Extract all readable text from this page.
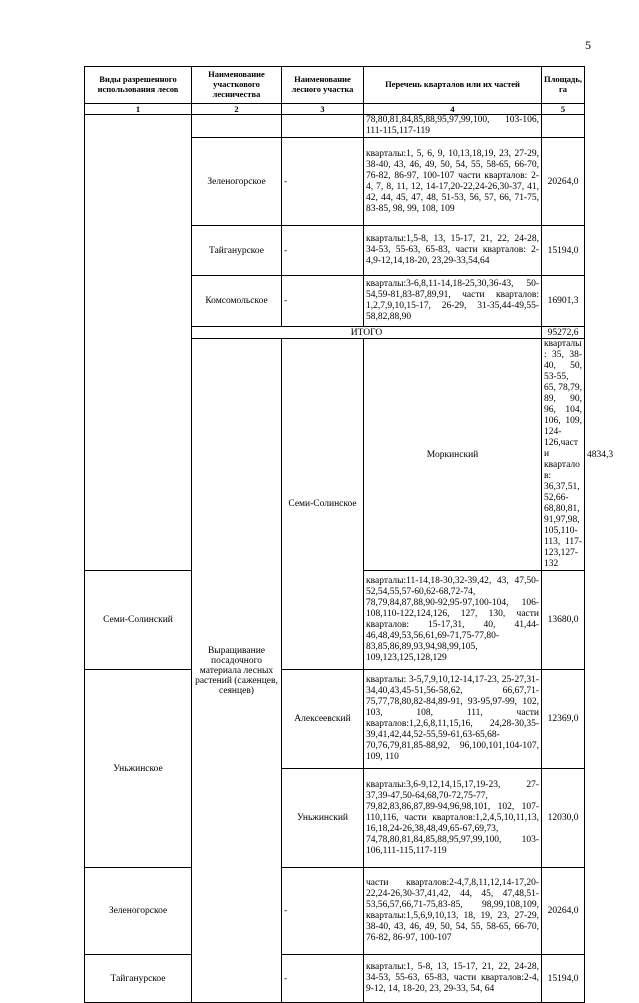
5
Виды разрешенного использования лесов	Наименование участкового лесничества	Наименование лесного участка	Перечень кварталов или их частей	Площадь, га	
1	2	3	4	5	
			78,80,81,84,85,88,95,97,99,100, 103-106, 111-115,117-119		
	Зеленогорское	-	кварталы:1, 5, 6, 9, 10,13,18,19, 23, 27-29, 38-40, 43, 46, 49, 50, 54, 55, 58-65, 66-70, 76-82, 86-97, 100-107 части кварталов: 2-4, 7, 8, 11, 12, 14-17,20-22,24-26,30-37, 41, 42, 44, 45, 47, 48, 51-53, 56, 57, 66, 71-75, 83-85, 98, 99, 108, 109	20264,0	
	Тайганурское	-	кварталы:1,5-8, 13, 15-17, 21, 22, 24-28, 34-53, 55-63, 65-83, части кварталов: 2-4,9-12,14,18-20, 23,29-33,54,64	15194,0	
	Комсомольское	-	кварталы:3-6,8,11-14,18-25,30,36-43, 50-54,59-81,83-87,89,91, части кварталов: 1,2,7,9,10,15-17, 26-29, 31-35,44-49,55-58,82,88,90	16901,3	
	ИТОГО			95272,6	
	Выращивание посадочного материала лесных растений (саженцев, сеянцев)	Семи-Солинское	Моркинский	кварталы: 35, 38-40, 50, 53-55, 65, 78,79, 89, 90, 96, 104, 106, 109, 124-126,части кварталов: 36,37,51,52,66-68,80,81,91,97,98,105,110-113, 117-123,127-132	4834,3
Семи-Солинский			кварталы:11-14,18-30,32-39,42, 43, 47,50-52,54,55,57-60,62-68,72-74, 78,79,84,87,88,90-92,95-97,100-104, 106-108,110-122,124,126, 127, 130, части кварталов: 15-17,31, 40, 41,44-46,48,49,53,56,61,69-71,75-77,80-83,85,86,89,93,94,98,99,105, 109,123,125,128,129	13680,0	
Уньжинское		Алексеевский	кварталы: 3-5,7,9,10,12-14,17-23, 25-27,31-34,40,43,45-51,56-58,62, 66,67,71-75,77,78,80,82-84,89-91, 93-95,97-99, 102, 103, 108, 111, части кварталов:1,2,6,8,11,15,16, 24,28-30,35-39,41,42,44,52-55,59-61,63-65,68-70,76,79,81,85-88,92, 96,100,101,104-107, 109, 110	12369,0	
		Уньжинский	кварталы:3,6-9,12,14,15,17,19-23, 27-37,39-47,50-64,68,70-72,75-77, 79,82,83,86,87,89-94,96,98,101, 102, 107-110,116, части кварталов:1,2,4,5,10,11,13, 16,18,24-26,38,48,49,65-67,69,73, 74,78,80,81,84,85,88,95,97,99,100, 103-106,111-115,117-119	12030,0	
Зеленогорское		-	части кварталов:2-4,7,8,11,12,14-17,20-22,24-26,30-37,41,42, 44, 45, 47,48,51-53,56,57,66,71-75,83-85, 98,99,108,109, кварталы:1,5,6,9,10,13, 18, 19, 23, 27-29, 38-40, 43, 46, 49, 50, 54, 55, 58-65, 66-70, 76-82, 86-97, 100-107	20264,0	
Тайганурское		-	кварталы:1, 5-8, 13, 15-17, 21, 22, 24-28, 34-53, 55-63, 65-83, части кварталов:2-4, 9-12, 14, 18-20, 23, 29-33, 54, 64	15194,0	
